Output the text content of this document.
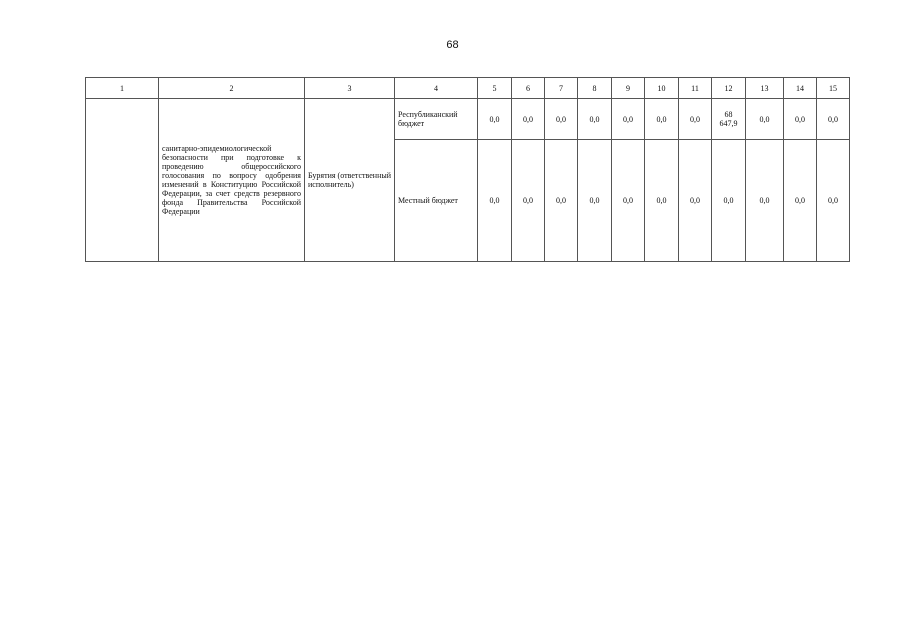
68
1	2	3	4	5	6	7	8	9	10	11	12	13	14	15
	санитарно-эпидемиологической безопасности при подготовке к проведению общероссийского голосования по вопросу одобрения изменений в Конституцию Российской Федерации, за счет средств резервного фонда Правительства Российской Федерации	Бурятия (ответственный исполнитель)	Республиканский бюджет	0,0	0,0	0,0	0,0	0,0	0,0	0,0	68 647,9	0,0	0,0	0,0
			Местный бюджет	0,0	0,0	0,0	0,0	0,0	0,0	0,0	0,0	0,0	0,0	0,0
